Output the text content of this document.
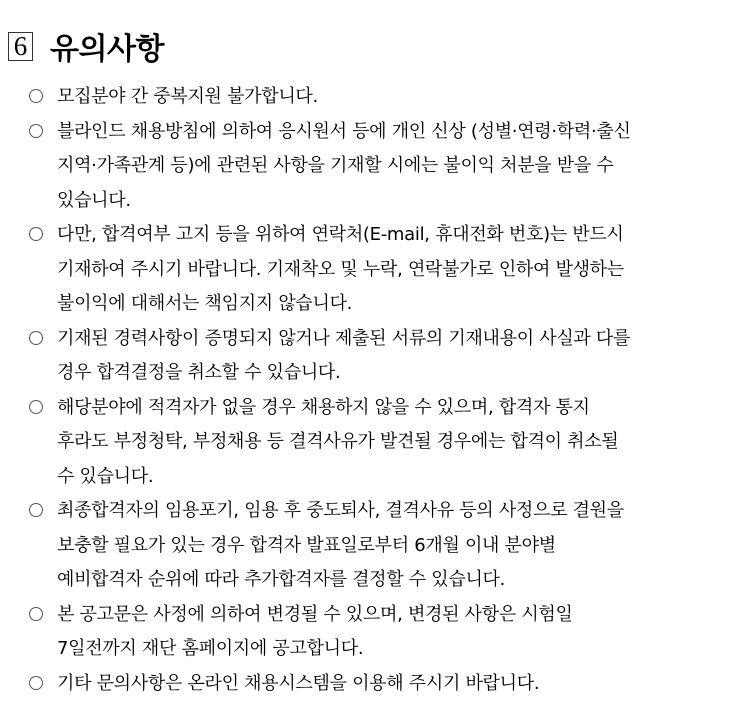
6 유의사항
모집분야 간 중복지원 불가합니다.
블라인드 채용방침에 의하여 응시원서 등에 개인 신상 (성별·연령·학력·출신
지역·가족관계 등)에 관련된 사항을 기재할 시에는 불이익 처분을 받을 수
있습니다.
다만, 합격여부 고지 등을 위하여 연락처(E-mail, 휴대전화 번호)는 반드시
기재하여 주시기 바랍니다. 기재착오 및 누락, 연락불가로 인하여 발생하는
불이익에 대해서는 책임지지 않습니다.
기재된 경력사항이 증명되지 않거나 제출된 서류의 기재내용이 사실과 다를
경우 합격결정을 취소할 수 있습니다.
해당분야에 적격자가 없을 경우 채용하지 않을 수 있으며, 합격자 통지
후라도 부정청탁, 부정채용 등 결격사유가 발견될 경우에는 합격이 취소될
수 있습니다.
최종합격자의 임용포기, 임용 후 중도퇴사, 결격사유 등의 사정으로 결원을
보충할 필요가 있는 경우 합격자 발표일로부터 6개월 이내 분야별
예비합격자 순위에 따라 추가합격자를 결정할 수 있습니다.
본 공고문은 사정에 의하여 변경될 수 있으며, 변경된 사항은 시험일
7일전까지 재단 홈페이지에 공고합니다.
기타 문의사항은 온라인 채용시스템을 이용해 주시기 바랍니다.
